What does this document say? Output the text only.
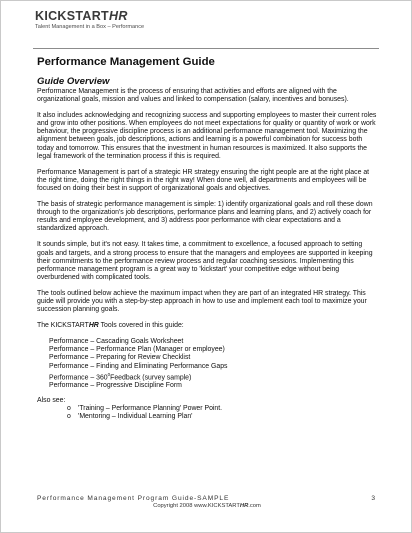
KICKSTARTHR
Talent Management in a Box – Performance
Performance Management Guide
Guide Overview

Performance Management is the process of ensuring that activities and efforts are aligned with the organizational goals, mission and values and linked to compensation (salary, incentives and bonuses).

It also includes acknowledging and recognizing success and supporting employees to master their current roles and grow into other positions. When employees do not meet expectations for quality or quantity of work or work behaviour, the progressive discipline process is an additional performance management tool. Maximizing the alignment between goals, job descriptions, actions and learning is a powerful combination for success both today and tomorrow. This ensures that the investment in human resources is maximized. It also supports the legal framework of the termination process if this is required.

Performance Management is part of a strategic HR strategy ensuring the right people are at the right place at the right time, doing the right things in the right way! When done well, all departments and employees will be focused on doing their best in support of organizational goals and objectives.

The basis of strategic performance management is simple: 1) identify organizational goals and roll these down through to the organization's job descriptions, performance plans and learning plans, and 2) actively coach for results and employee development, and 3) address poor performance with clear expectations and a standardized approach.

It sounds simple, but it's not easy. It takes time, a commitment to excellence, a focused approach to setting goals and targets, and a strong process to ensure that the managers and employees are supported in keeping their commitments to the performance review process and regular coaching sessions. Implementing this performance management program is a great way to 'kickstart' your competitive edge without being overburdened with complicated tools.

The tools outlined below achieve the maximum impact when they are part of an integrated HR strategy. This guide will provide you with a step-by-step approach in how to use and implement each tool to maximize your succession planning goals.

The KICKSTARTHR Tools covered in this guide:

Performance – Cascading Goals Worksheet
Performance – Performance Plan (Manager or employee)
Performance – Preparing for Review Checklist
Performance – Finding and Eliminating Performance Gaps
Performance – $360^0Feedback$ (survey sample)
Performance – Progressive Discipline Form
Also see:
o 'Training – Performance Planning' Power Point.
o 'Mentoring – Individual Learning Plan'
Performance Management Program Guide-SAMPLE	3
Copyright 2008 www.KICKSTARTHR.com
